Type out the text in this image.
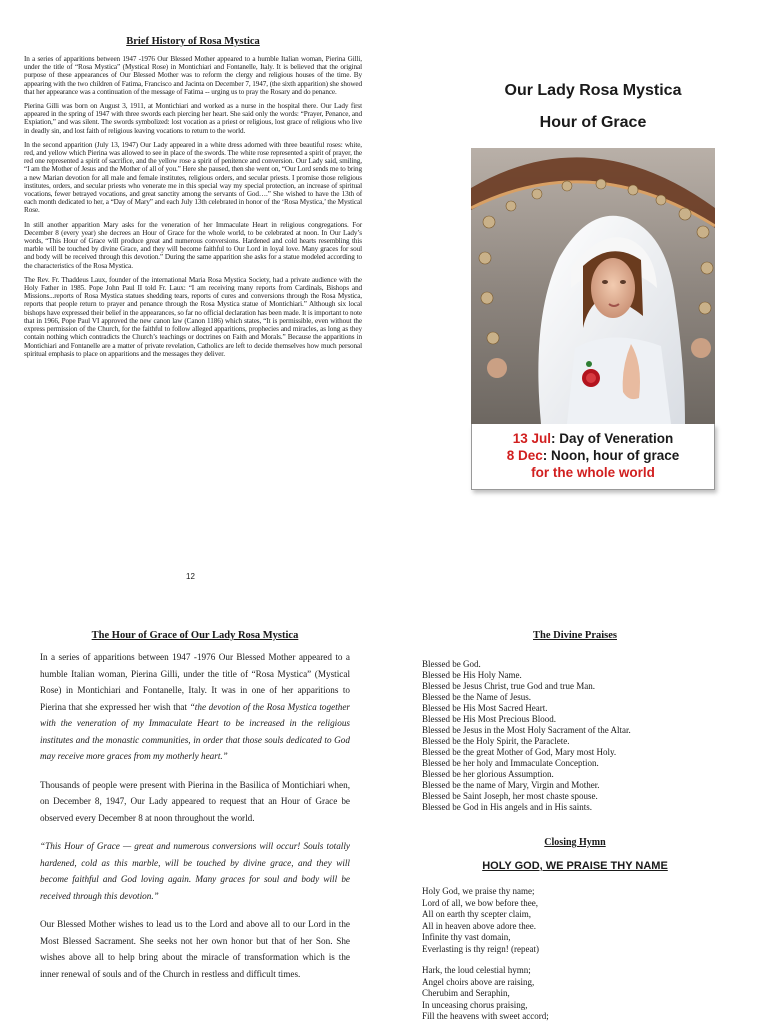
Brief History of Rosa Mystica

In a series of apparitions between 1947 -1976 Our Blessed Mother appeared to a humble Italian woman, Pierina Gilli, under the title of “Rosa Mystica” (Mystical Rose) in Montichiari and Fontanelle, Italy. It is believed that the original purpose of these appearances of Our Blessed Mother was to reform the clergy and religious houses of the time. By appearing with the two children of Fatima, Francisco and Jacinta on December 7, 1947, (the sixth apparition) she showed that her appearance was a continuation of the message of Fatima -- urging us to pray the Rosary and do penance.

Pierina Gilli was born on August 3, 1911, at Montichiari and worked as a nurse in the hospital there. Our Lady first appeared in the spring of 1947 with three swords each piercing her heart. She said only the words: “Prayer, Penance, and Expiation,” and was silent. The swords symbolized: lost vocation as a priest or religious, lost grace of religious who live in deadly sin, and lost faith of religious leaving vocations to return to the world.

In the second apparition (July 13, 1947) Our Lady appeared in a white dress adorned with three beautiful roses: white, red, and yellow which Pierina was allowed to see in place of the swords. The white rose represented a spirit of prayer, the red one represented a spirit of sacrifice, and the yellow rose a spirit of penitence and conversion. Our Lady said, smiling, “I am the Mother of Jesus and the Mother of all of you.” Here she paused, then she went on, “Our Lord sends me to bring a new Marian devotion for all male and female institutes, religious orders, and secular priests. I promise those religious institutes, orders, and secular priests who venerate me in this special way my special protection, an increase of spiritual vocations, fewer betrayed vocations, and great sanctity among the servants of God….” She wished to have the 13th of each month dedicated to her, a “Day of Mary” and each July 13th celebrated in honor of the ‘Rosa Mystica,’ the Mystical Rose.

In still another apparition Mary asks for the veneration of her Immaculate Heart in religious congregations. For December 8 (every year) she decrees an Hour of Grace for the whole world, to be celebrated at noon. In Our Lady’s words, “This Hour of Grace will produce great and numerous conversions. Hardened and cold hearts resembling this marble will be touched by divine Grace, and they will become faithful to Our Lord in loyal love. Many graces for soul and body will be received through this devotion.” During the same apparition she asks for a statue modeled according to the characteristics of the Rosa Mystica.

The Rev. Fr. Thaddeus Laux, founder of the international Maria Rosa Mystica Society, had a private audience with the Holy Father in 1985. Pope John Paul II told Fr. Laux: “I am receiving many reports from Cardinals, Bishops and Missions...reports of Rosa Mystica statues shedding tears, reports of cures and conversions through the Rosa Mystica, reports that people return to prayer and penance through the Rosa Mystica statue of Montichiari.” Although six local bishops have expressed their belief in the appearances, so far no official declaration has been made. It is important to note that in 1966, Pope Paul VI approved the new canon law (Canon 1186) which states, “It is permissible, even without the express permission of the Church, for the faithful to follow alleged apparitions, prophecies and miracles, as long as they contain nothing which contradicts the Church’s teachings or doctrines on Faith and Morals.” Because the apparitions in Montichiari and Fontanelle are a matter of private revelation, Catholics are left to decide themselves how much personal spiritual emphasis to place on apparitions and the messages they deliver.

12
Our Lady Rosa Mystica
Hour of Grace
13 Jul: Day of Veneration
8 Dec: Noon, hour of grace
for the whole world
The Hour of Grace of Our Lady Rosa Mystica

In a series of apparitions between 1947 -1976 Our Blessed Mother appeared to a humble Italian woman, Pierina Gilli, under the title of “Rosa Mystica” (Mystical Rose) in Montichiari and Fontanelle, Italy. It was in one of her apparitions to Pierina that she expressed her wish that “the devotion of the Rosa Mystica together with the veneration of my Immaculate Heart to be increased in the religious institutes and the monastic communities, in order that those souls dedicated to God may receive more graces from my motherly heart.”

Thousands of people were present with Pierina in the Basilica of Montichiari when, on December 8, 1947, Our Lady appeared to request that an Hour of Grace be observed every December 8 at noon throughout the world.

“This Hour of Grace — great and numerous conversions will occur! Souls totally hardened, cold as this marble, will be touched by divine grace, and they will become faithful and God loving again. Many graces for soul and body will be received through this devotion.”

Our Blessed Mother wishes to lead us to the Lord and above all to our Lord in the Most Blessed Sacrament. She seeks not her own honor but that of her Son. She wishes above all to help bring about the miracle of transformation which is the inner renewal of souls and of the Church in restless and difficult times.

The Divine Praises

Blessed be God.

Blessed be His Holy Name.

Blessed be Jesus Christ, true God and true Man.

Blessed be the Name of Jesus.

Blessed be His Most Sacred Heart.

Blessed be His Most Precious Blood.

Blessed be Jesus in the Most Holy Sacrament of the Altar.

Blessed be the Holy Spirit, the Paraclete.

Blessed be the great Mother of God, Mary most Holy.

Blessed be her holy and Immaculate Conception.

Blessed be her glorious Assumption.

Blessed be the name of Mary, Virgin and Mother.

Blessed be Saint Joseph, her most chaste spouse.

Blessed be God in His angels and in His saints.

Closing Hymn
HOLY GOD, WE PRAISE THY NAME

Holy God, we praise thy name;

Lord of all, we bow before thee,

All on earth thy scepter claim,

All in heaven above adore thee.

Infinite thy vast domain,

Everlasting is thy reign! (repeat)

Hark, the loud celestial hymn;

Angel choirs above are raising,

Cherubim and Seraphin,

In unceasing chorus praising,

Fill the heavens with sweet accord;
